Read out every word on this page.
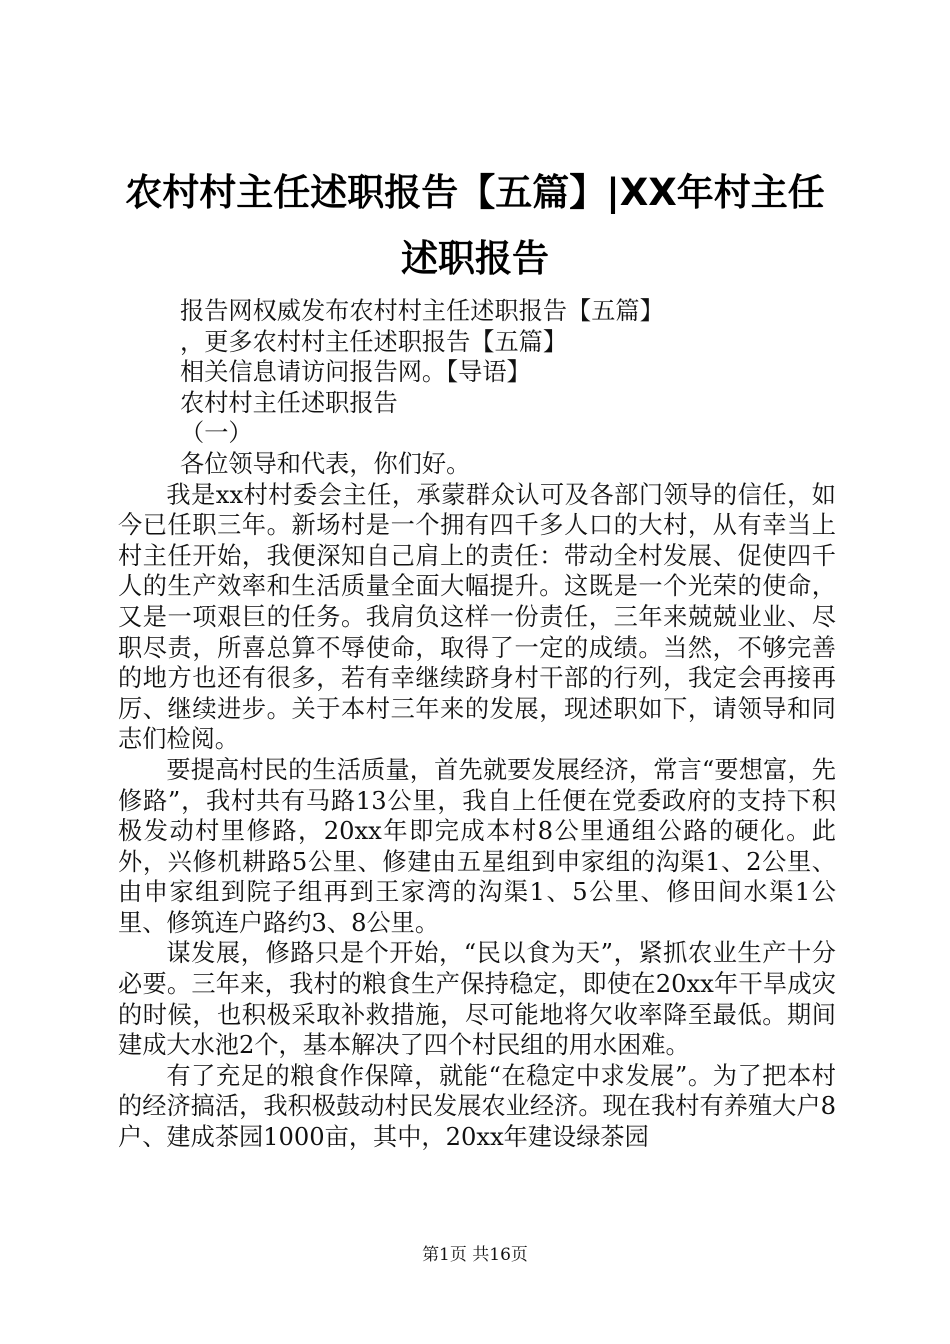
农村村主任述职报告【五篇】|XX年村主任述职报告

报告网权威发布农村村主任述职报告【五篇】

，更多农村村主任述职报告【五篇】

相关信息请访问报告网。【导语】

农村村主任述职报告

（一）

各位领导和代表，你们好。

我是xx村村委会主任，承蒙群众认可及各部门领导的信任，如今已任职三年。新场村是一个拥有四千多人口的大村，从有幸当上村主任开始，我便深知自己肩上的责任：带动全村发展、促使四千人的生产效率和生活质量全面大幅提升。这既是一个光荣的使命，又是一项艰巨的任务。我肩负这样一份责任，三年来兢兢业业、尽职尽责，所喜总算不辱使命，取得了一定的成绩。当然，不够完善的地方也还有很多，若有幸继续跻身村干部的行列，我定会再接再厉、继续进步。关于本村三年来的发展，现述职如下，请领导和同志们检阅。

要提高村民的生活质量，首先就要发展经济，常言“要想富，先修路”，我村共有马路13公里，我自上任便在党委政府的支持下积极发动村里修路，20xx年即完成本村8公里通组公路的硬化。此外，兴修机耕路5公里、修建由五星组到申家组的沟渠1、2公里、由申家组到院子组再到王家湾的沟渠1、5公里、修田间水渠1公里、修筑连户路约3、8公里。

谋发展，修路只是个开始，“民以食为天”，紧抓农业生产十分必要。三年来，我村的粮食生产保持稳定，即使在20xx年干旱成灾的时候，也积极采取补救措施，尽可能地将欠收率降至最低。期间建成大水池2个，基本解决了四个村民组的用水困难。

有了充足的粮食作保障，就能“在稳定中求发展”。为了把本村的经济搞活，我积极鼓动村民发展农业经济。现在我村有养殖大户8户、建成茶园1000亩，其中，20xx年建设绿茶园

第1页 共16页
